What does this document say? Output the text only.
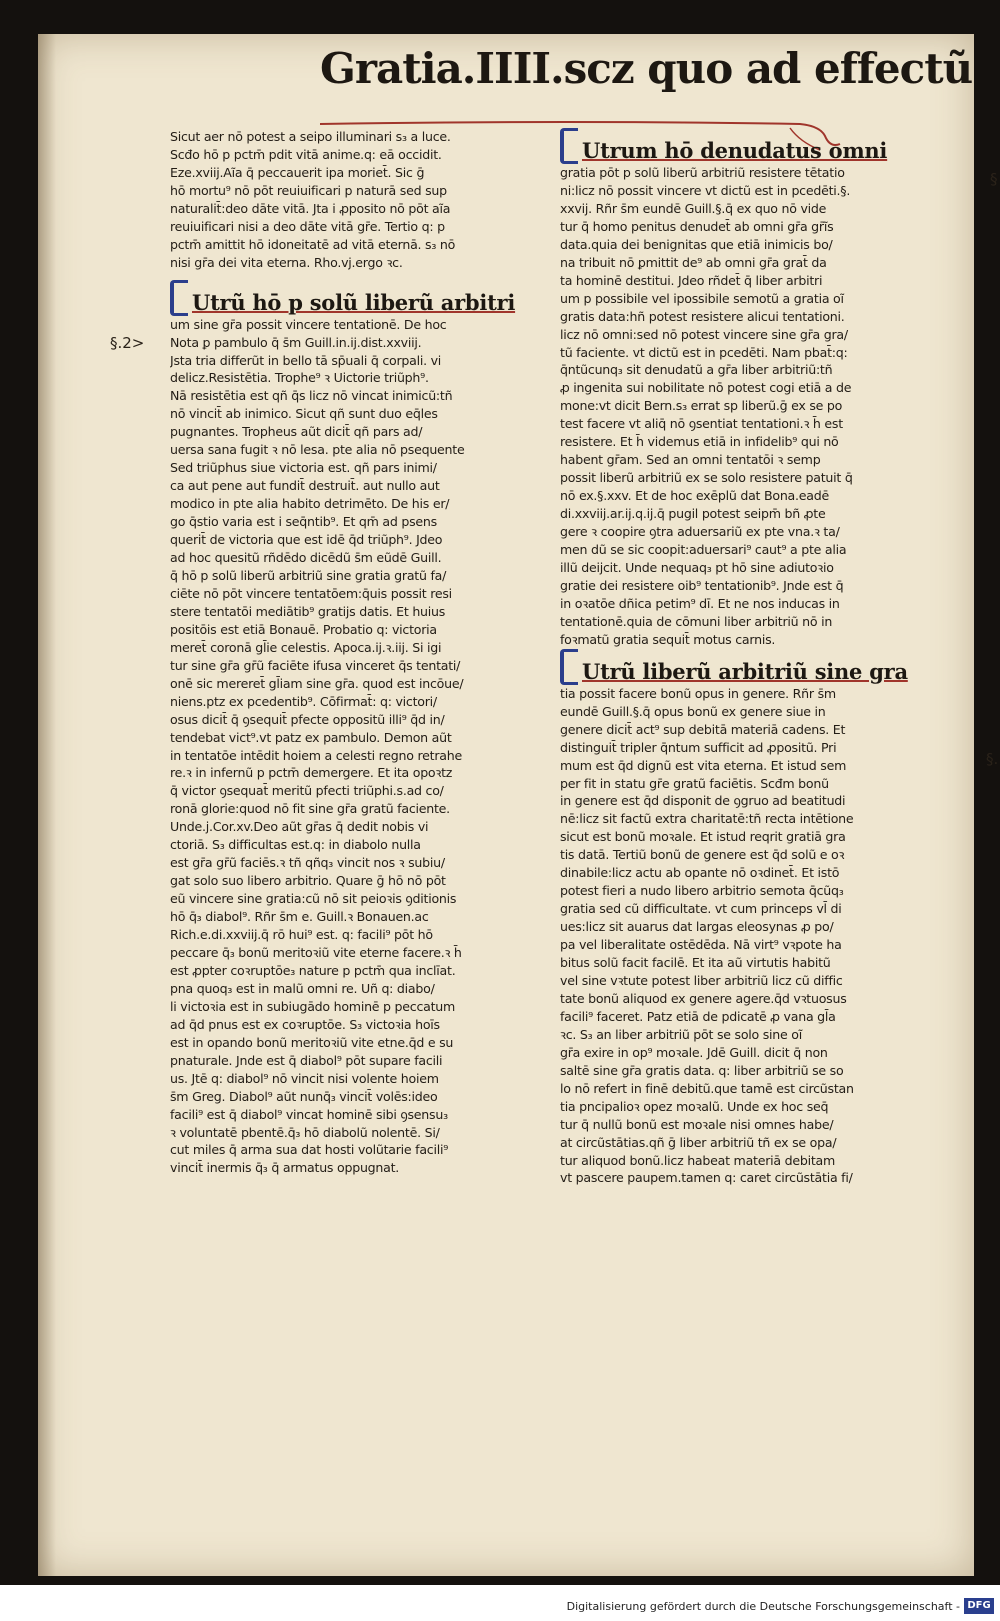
Gratia.IIII.scz quo ad effectũ
§.2>
§
§.
Sicut aer nō potest a seipo illuminari s₃ a luce.
Scđo hō p pctm̄ pdit vitā anime.q: eā occidit.
Eze.xviij.Aĩa q̄ peccauerit ipa moriet̄. Sic ḡ
hō mortu⁹ nō pōt reuiuificari p naturā sed sup
naturalit̄:deo dāte vitā. Jta i ꝓposito nō pōt aĩa
reuiuificari nisi a deo dāte vitā gr̄e. Tertio q: p
pctm̄ amittit hō idoneitatē ad vitā eternā. s₃ nō
nisi gr̄a dei vita eterna. Rho.vj.ergo ꝛc.
Utrũ hō p solũ liberũ arbitri
um sine gr̄a possit vincere tentationē. De hoc
Nota ꝑ pambulo q̄ s̄m Guill.in.ij.dist.xxviij.
Jsta tria differũt in bello tā sp̄uali q̄ corpali. vi
delicz.Resistētia. Trophe⁹ ꝛ Uictorie triũph⁹.
Nā resistētia est qñ q̄s licz nō vincat inimicũ:tñ
nō vincit̄ ab inimico. Sicut qñ sunt duo eq̄les
pugnantes. Tropheus aũt dicit̄ qñ pars ad/
uersa sana fugit ꝛ nō lesa. pte alia nō psequente
Sed triũphus siue victoria est. qñ pars inimi/
ca aut pene aut fundit̄ destruit̄. aut nullo aut
modico in pte alia habito detrimēto. De his er/
go q̄stio varia est i seq̄ntib⁹. Et qm̄ ad psens
querit̄ de victoria que est idē q̄d triũph⁹. Jdeo
ad hoc quesitũ rñdēdo dicēdũ s̄m eũdē Guill.
q̄ hō p solũ liberũ arbitriũ sine gratia gratũ fa/
ciēte nō pōt vincere tentatōem:q̄uis possit resi
stere tentatōi mediātib⁹ gratijs datis. Et huius
positōis est etiā Bonauē. Probatio q: victoria
meret̄ coronā gl̄ie celestis. Apoca.ij.ꝛ.iij. Si igi
tur sine gr̄a gr̄ũ faciēte ifusa vinceret q̄s tentati/
onē sic mereret̄ gl̄iam sine gr̄a. quod est incōue/
niens.ptz ex pcedentib⁹. Cōfirmat̄: q: victori/
osus dicit̄ q̄ ꝯsequit̄ pfecte oppositũ illi⁹ q̄d in/
tendebat vict⁹.vt patz ex pambulo. Demon aũt
in tentatōe intēdit hoiem a celesti regno retrahe
re.ꝛ in infernũ p pctm̄ demergere. Et ita opoꝛtz
q̄ victor ꝯsequat̄ meritũ pfecti triũphi.s.ad co/
ronā glorie:quod nō fit sine gr̄a gratũ faciente.
Unde.j.Cor.xv.Deo aũt gr̄as q̄ dedit nobis vi
ctoriā. S₃ difficultas est.q: in diabolo nulla
est gr̄a gr̄ũ faciēs.ꝛ tñ qñq₃ vincit nos ꝛ subiu/
gat solo suo libero arbitrio. Quare ḡ hō nō pōt
eũ vincere sine gratia:cũ nō sit peioꝛis ꝯditionis
hō q̄₃ diabol⁹. Rñr s̄m e. Guill.ꝛ Bonauen.ac
Rich.e.di.xxviij.q̄ rō hui⁹ est. q: facili⁹ pōt hō
peccare q̄₃ bonũ meritoꝛiũ vite eterne facere.ꝛ h̄
est ꝓpter coꝛruptōe₃ nature p pctm̄ qua inclīat.
pna quoq₃ est in malũ omni re. Uñ q: diabo/
li victoꝛia est in subiugādo hominē p peccatum
ad q̄d pnus est ex coꝛruptōe. S₃ victoꝛia hoīs
est in opando bonũ meritoꝛiũ vite etne.q̄d e su
pnaturale. Jnde est q̄ diabol⁹ pōt supare facili
us. Jtē q: diabol⁹ nō vincit nisi volente hoiem
s̄m Greg. Diabol⁹ aũt nunq̄₃ vincit̄ volēs:ideo
facili⁹ est q̄ diabol⁹ vincat hominē sibi ꝯsensu₃
ꝛ voluntatē pbentē.q̄₃ hō diabolũ nolentē. Si/
cut miles q̄ arma sua dat hosti volũtarie facili⁹
vincit̄ inermis q̄₃ q̄ armatus oppugnat.
Utrum hō denudatus omni
gratia pōt p solũ liberũ arbitriũ resistere tētatio
ni:licz nō possit vincere vt dictũ est in pcedēti.§.
xxvij. Rñr s̄m eundē Guill.§.q̄ ex quo nō vide
tur q̄ homo penitus denudet̄ ab omni gr̄a gr̄ĩs
data.quia dei benignitas que etiā inimicis bo/
na tribuit nō ꝑmittit de⁹ ab omni gr̄a grat̄ da
ta hominē destitui. Jdeo rñdet̄ q̄ liber arbitri
um p possibile vel ipossibile semotũ a gratia oĩ
gratis data:hñ potest resistere alicui tentationi.
licz nō omni:sed nō potest vincere sine gr̄a gra/
tũ faciente. vt dictũ est in pcedēti. Nam pbat̄:q:
q̄ntũcunq₃ sit denudatũ a gr̄a liber arbitriũ:tñ
ꝓ ingenita sui nobilitate nō potest cogi etiā a de
mone:vt dicit Bern.s₃ errat sp liberũ.ḡ ex se po
test facere vt aliq̄ nō ꝯsentiat tentationi.ꝛ h̄ est
resistere. Et h̄ videmus etiā in infidelib⁹ qui nō
habent gr̄am. Sed an omni tentatōi ꝛ semp
possit liberũ arbitriũ ex se solo resistere patuit q̄
nō ex.§.xxv. Et de hoc exēplũ dat Bona.eadē
di.xxviij.ar.ij.q.ij.q̄ pugil potest seipm̄ bñ ꝓte
gere ꝛ coopire ꝯtra aduersariũ ex pte vna.ꝛ ta/
men dũ se sic coopit:aduersari⁹ caut⁹ a pte alia
illũ deijcit. Unde nequaq₃ pt hō sine adiutoꝛio
gratie dei resistere oib⁹ tentationib⁹. Jnde est q̄
in oꝛatōe dñica petim⁹ dī. Et ne nos inducas in
tentationē.quia de cōmuni liber arbitriũ nō in
foꝛmatũ gratia sequit̄ motus carnis.
Utrũ liberũ arbitriũ sine gra
tia possit facere bonũ opus in genere. Rñr s̄m
eundē Guill.§.q̄ opus bonũ ex genere siue in
genere dicit̄ act⁹ sup debitā materiā cadens. Et
distinguit̄ tripler q̄ntum sufficit ad ꝓpositũ. Pri
mum est q̄d dignũ est vita eterna. Et istud sem
per fit in statu gr̄e gratũ faciētis. Scđm bonũ
in genere est q̄d disponit de ꝯgruo ad beatitudi
nē:licz sit factũ extra charitatē:tñ recta intētione
sicut est bonũ moꝛale. Et istud reqrit gratiā gra
tis datā. Tertiũ bonũ de genere est q̄d solũ e oꝛ
dinabile:licz actu ab opante nō oꝛdinet̄. Et istō
potest fieri a nudo libero arbitrio semota q̄cũq₃
gratia sed cũ difficultate. vt cum princeps vl̄ di
ues:licz sit auarus dat largas eleosynas ꝓ po/
pa vel liberalitate ostēdēda. Nā virt⁹ vꝛpote ha
bitus solũ facit facilē. Et ita aũ virtutis habitũ
vel sine vꝛtute potest liber arbitriũ licz cũ diffic
tate bonũ aliquod ex genere agere.q̄d vꝛtuosus
facili⁹ faceret. Patz etiā de pdicatē ꝓ vana gl̄a
ꝛc. S₃ an liber arbitriũ pōt se solo sine oĩ
gr̄a exire in op⁹ moꝛale. Jdē Guill. dicit q̄ non
saltē sine gr̄a gratis data. q: liber arbitriũ se so
lo nō refert in finē debitũ.que tamē est circũstan
tia pncipalioꝛ opez moꝛalũ. Unde ex hoc seq̄
tur q̄ nullũ bonũ est moꝛale nisi omnes habe/
at circũstātias.qñ ḡ liber arbitriũ tñ ex se opa/
tur aliquod bonũ.licz habeat materiā debitam
vt pascere paupem.tamen q: caret circũstātia fi/
Digitalisierung gefördert durch die Deutsche Forschungsgemeinschaft - DFG
